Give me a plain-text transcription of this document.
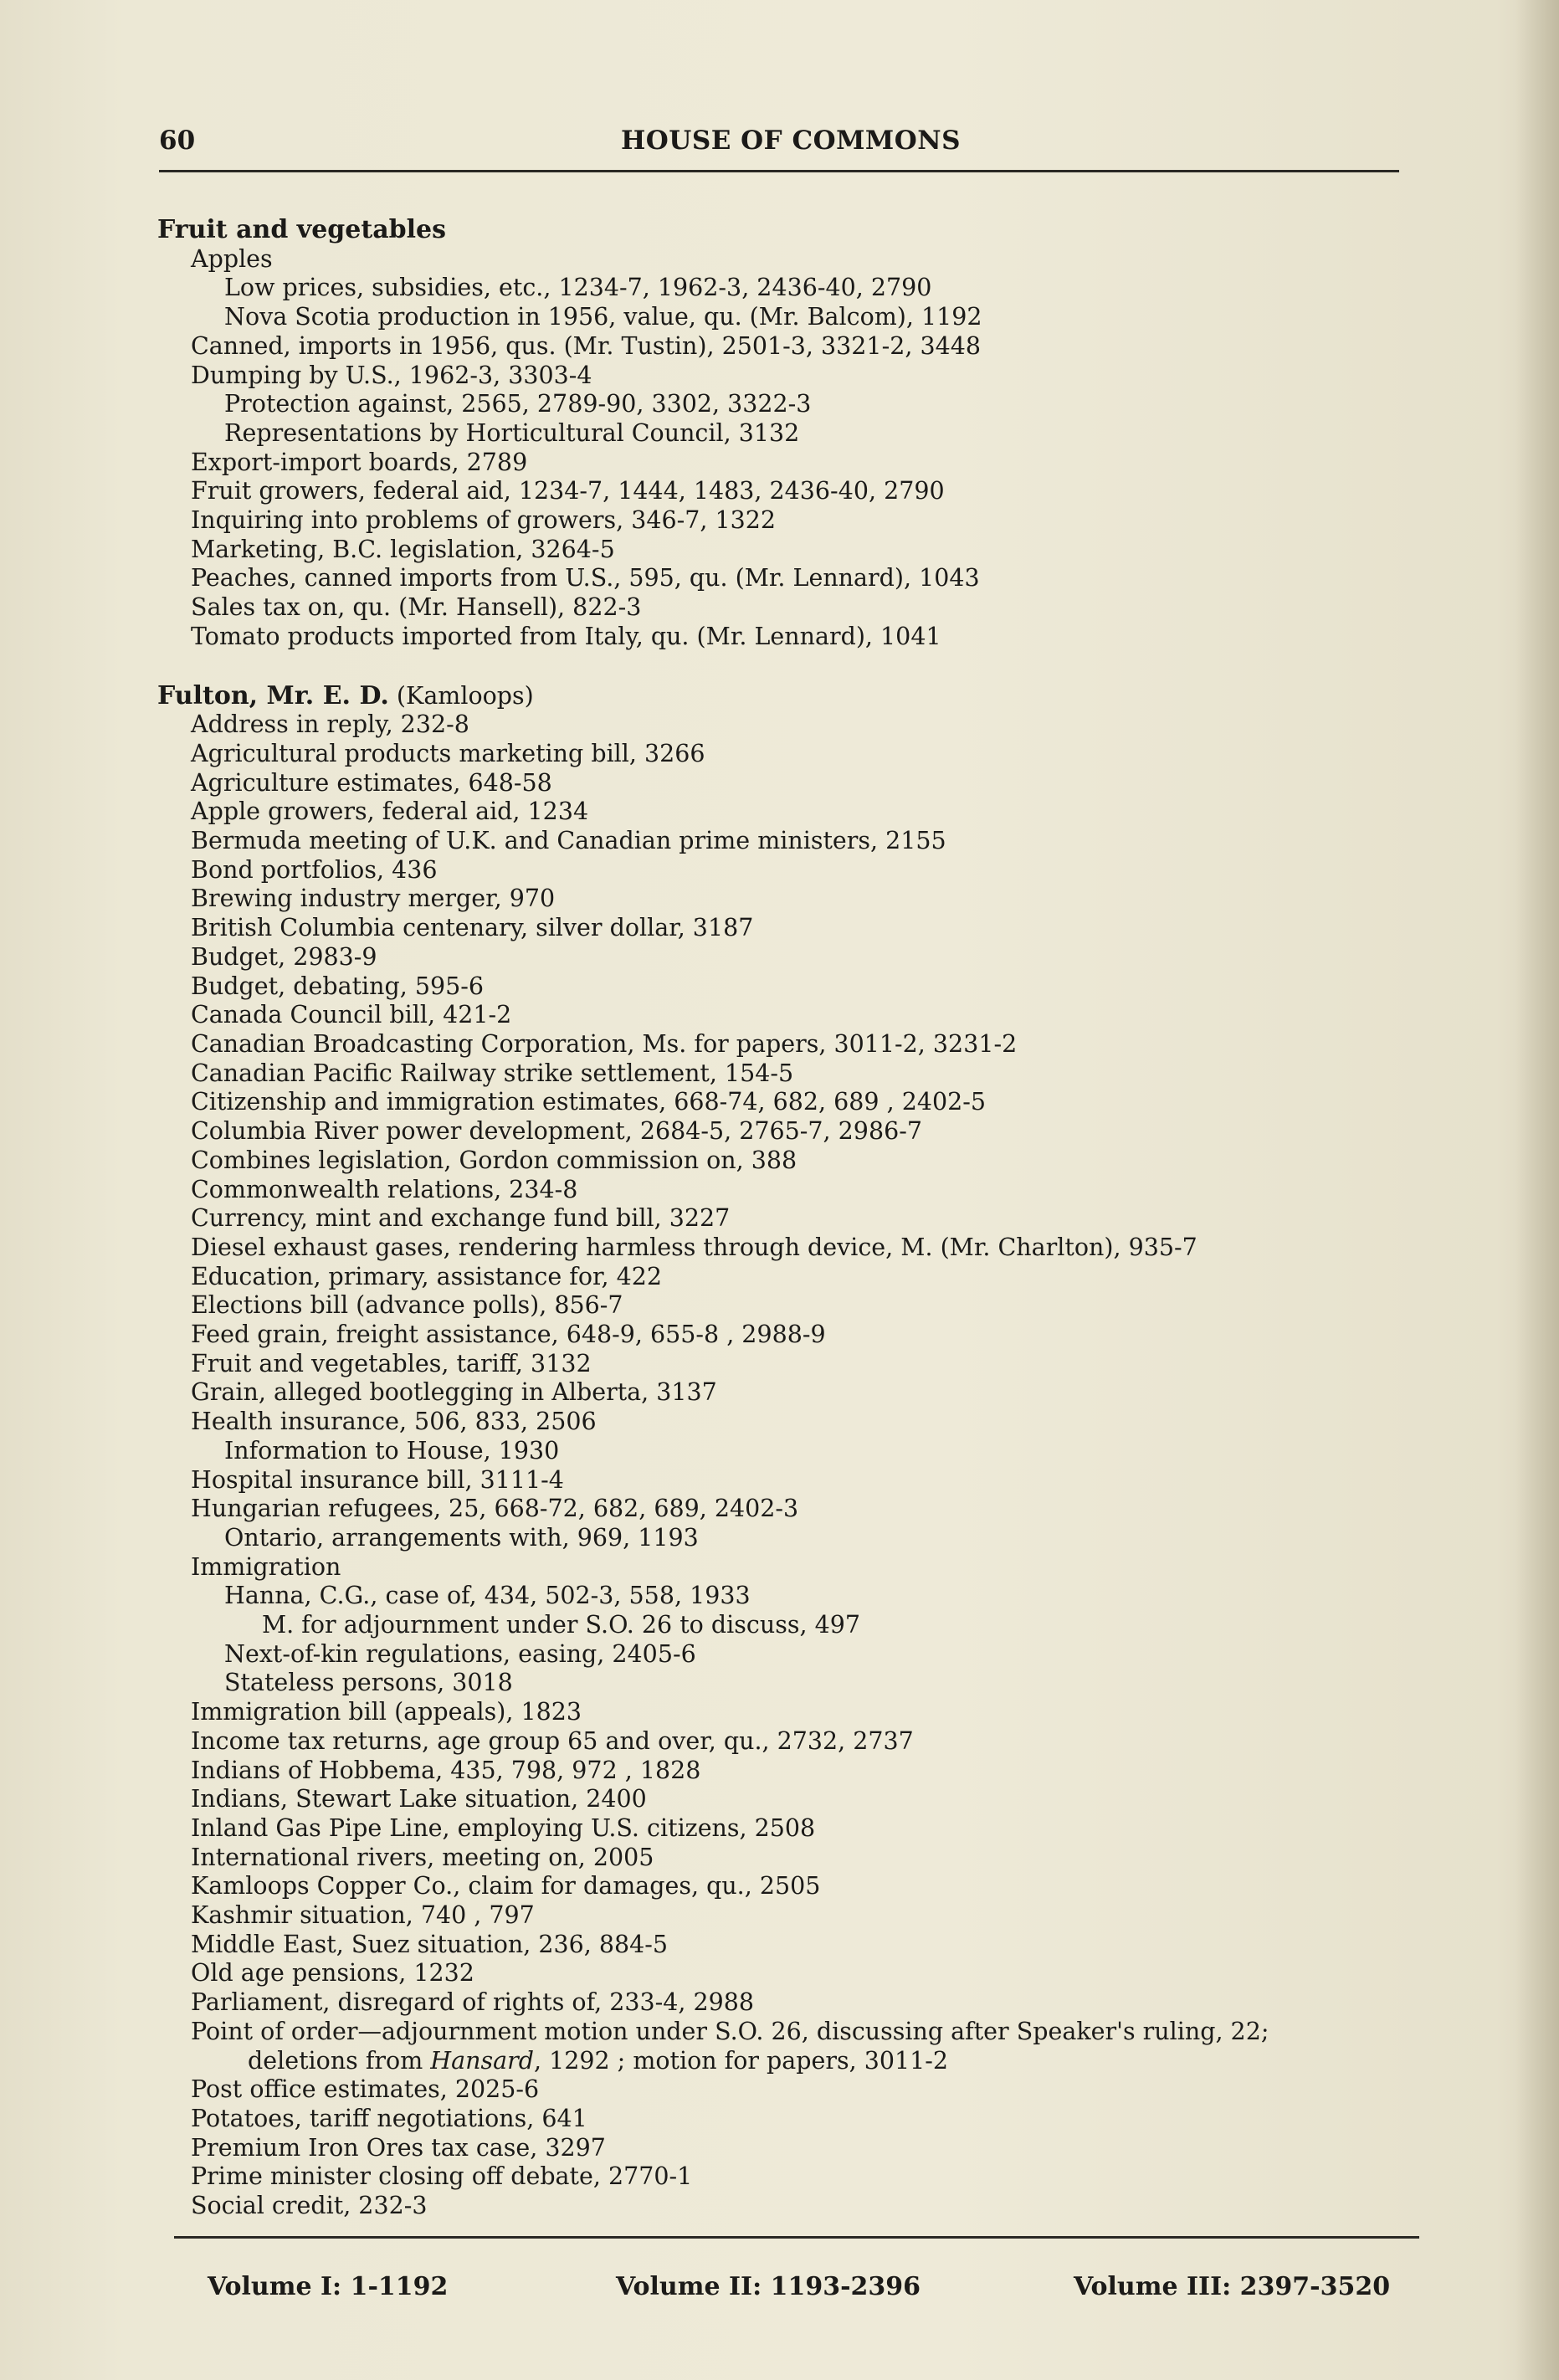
60	HOUSE OF COMMONS
Fruit and vegetables
Apples
Low prices, subsidies, etc., 1234-7, 1962-3, 2436-40, 2790
Nova Scotia production in 1956, value, qu. (Mr. Balcom), 1192
Canned, imports in 1956, qus. (Mr. Tustin), 2501-3, 3321-2, 3448
Dumping by U.S., 1962-3, 3303-4
Protection against, 2565, 2789-90, 3302, 3322-3
Representations by Horticultural Council, 3132
Export-import boards, 2789
Fruit growers, federal aid, 1234-7, 1444, 1483, 2436-40, 2790
Inquiring into problems of growers, 346-7, 1322
Marketing, B.C. legislation, 3264-5
Peaches, canned imports from U.S., 595, qu. (Mr. Lennard), 1043
Sales tax on, qu. (Mr. Hansell), 822-3
Tomato products imported from Italy, qu. (Mr. Lennard), 1041
Fulton, Mr. E. D. (Kamloops)
Address in reply, 232-8
Agricultural products marketing bill, 3266
Agriculture estimates, 648-58
Apple growers, federal aid, 1234
Bermuda meeting of U.K. and Canadian prime ministers, 2155
Bond portfolios, 436
Brewing industry merger, 970
British Columbia centenary, silver dollar, 3187
Budget, 2983-9
Budget, debating, 595-6
Canada Council bill, 421-2
Canadian Broadcasting Corporation, Ms. for papers, 3011-2, 3231-2
Canadian Pacific Railway strike settlement, 154-5
Citizenship and immigration estimates, 668-74, 682, 689 , 2402-5
Columbia River power development, 2684-5, 2765-7, 2986-7
Combines legislation, Gordon commission on, 388
Commonwealth relations, 234-8
Currency, mint and exchange fund bill, 3227
Diesel exhaust gases, rendering harmless through device, M. (Mr. Charlton), 935-7
Education, primary, assistance for, 422
Elections bill (advance polls), 856-7
Feed grain, freight assistance, 648-9, 655-8 , 2988-9
Fruit and vegetables, tariff, 3132
Grain, alleged bootlegging in Alberta, 3137
Health insurance, 506, 833, 2506
Information to House, 1930
Hospital insurance bill, 3111-4
Hungarian refugees, 25, 668-72, 682, 689, 2402-3
Ontario, arrangements with, 969, 1193
Immigration
Hanna, C.G., case of, 434, 502-3, 558, 1933
M. for adjournment under S.O. 26 to discuss, 497
Next-of-kin regulations, easing, 2405-6
Stateless persons, 3018
Immigration bill (appeals), 1823
Income tax returns, age group 65 and over, qu., 2732, 2737
Indians of Hobbema, 435, 798, 972 , 1828
Indians, Stewart Lake situation, 2400
Inland Gas Pipe Line, employing U.S. citizens, 2508
International rivers, meeting on, 2005
Kamloops Copper Co., claim for damages, qu., 2505
Kashmir situation, 740 , 797
Middle East, Suez situation, 236, 884-5
Old age pensions, 1232
Parliament, disregard of rights of, 233-4, 2988
Point of order—adjournment motion under S.O. 26, discussing after Speaker's ruling, 22;
deletions from Hansard, 1292 ; motion for papers, 3011-2
Post office estimates, 2025-6
Potatoes, tariff negotiations, 641
Premium Iron Ores tax case, 3297
Prime minister closing off debate, 2770-1
Social credit, 232-3
Volume I: 1-1192	Volume II: 1193-2396	Volume III: 2397-3520
